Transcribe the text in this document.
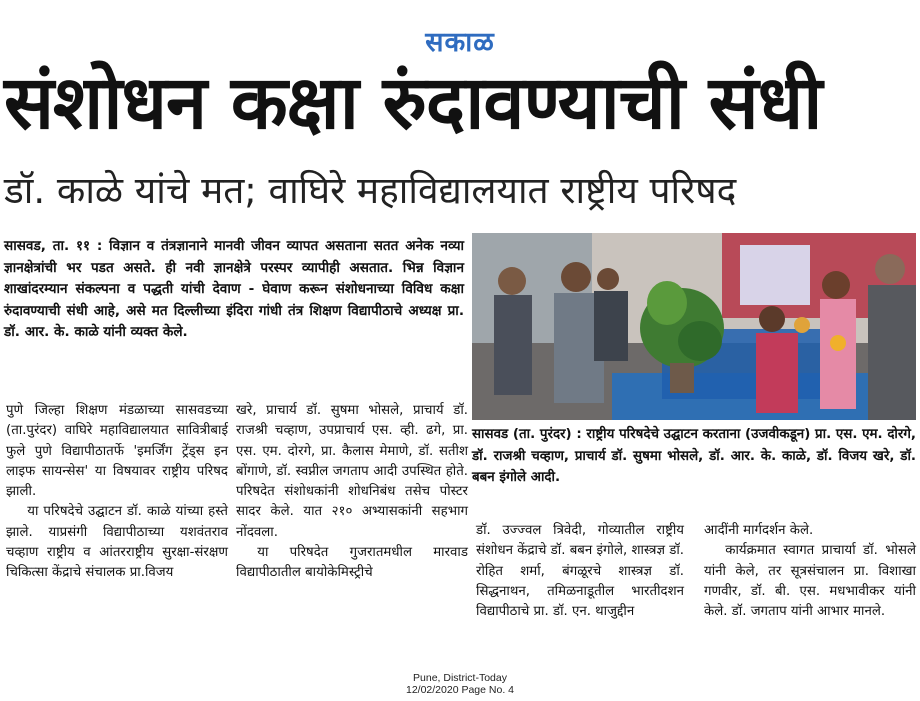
सकाळ
संशोधन कक्षा रुंदावण्याची संधी
डॉ. काळे यांचे मत; वाघिरे महाविद्यालयात राष्ट्रीय परिषद
सासवड, ता. ११ : विज्ञान व तंत्रज्ञानाने मानवी जीवन व्यापत असताना सतत अनेक नव्या ज्ञानक्षेत्रांची भर पडत असते. ही नवी ज्ञानक्षेत्रे परस्पर व्यापीही असतात. भिन्न विज्ञान शाखांदरम्यान संकल्पना व पद्धती यांची देवाण - घेवाण करून संशोधनाच्या विविध कक्षा रुंदावण्याची संधी आहे, असे मत दिल्लीच्या इंदिरा गांधी तंत्र शिक्षण विद्यापीठाचे अध्यक्ष प्रा. डॉ. आर. के. काळे यांनी व्यक्त केले.
सासवड (ता. पुरंदर) : राष्ट्रीय परिषदेचे उद्घाटन करताना (उजवीकडून) प्रा. एस. एम. दोरगे, डॉ. राजश्री चव्हाण, प्राचार्य डॉ. सुषमा भोसले, डॉ. आर. के. काळे, डॉ. विजय खरे, डॉ. बबन इंगोले आदी.

पुणे जिल्हा शिक्षण मंडळाच्या सासवडच्या (ता.पुरंदर) वाघिरे महाविद्यालयात सावित्रीबाई फुले पुणे विद्यापीठातर्फे 'इमर्जिंग ट्रेंड्स इन लाइफ सायन्सेस' या विषयावर राष्ट्रीय परिषद झाली.

या परिषदेचे उद्घाटन डॉ. काळे यांच्या हस्ते झाले. याप्रसंगी विद्यापीठाच्या यशवंतराव चव्हाण राष्ट्रीय व आंतरराष्ट्रीय सुरक्षा-संरक्षण चिकित्सा केंद्राचे संचालक प्रा.विजय

खरे, प्राचार्य डॉ. सुषमा भोसले, प्राचार्य डॉ. राजश्री चव्हाण, उपप्राचार्य एस. व्ही. ढगे, प्रा. एस. एम. दोरगे, प्रा. कैलास मेमाणे, डॉ. सतीश बोंगाणे, डॉ. स्वप्नील जगताप आदी उपस्थित होते. परिषदेत संशोधकांनी शोधनिबंध तसेच पोस्टर सादर केले. यात २१० अभ्यासकांनी सहभाग नोंदवला.

या परिषदेत गुजरातमधील मारवाड विद्यापीठातील बायोकेमिस्ट्रीचे

डॉ. उज्ज्वल त्रिवेदी, गोव्यातील राष्ट्रीय संशोधन केंद्राचे डॉ. बबन इंगोले, शास्त्रज्ञ डॉ. रोहित शर्मा, बंगळूरचे शास्त्रज्ञ डॉ. सिद्धनाथन, तमिळनाडूतील भारतीदशन विद्यापीठाचे प्रा. डॉ. एन. थाजुद्दीन

आदींनी मार्गदर्शन केले.

कार्यक्रमात स्वागत प्राचार्या डॉ. भोसले यांनी केले, तर सूत्रसंचालन प्रा. विशाखा गणवीर, डॉ. बी. एस. मधभावीकर यांनी केले. डॉ. जगताप यांनी आभार मानले.

Pune, District-Today
12/02/2020 Page No. 4
